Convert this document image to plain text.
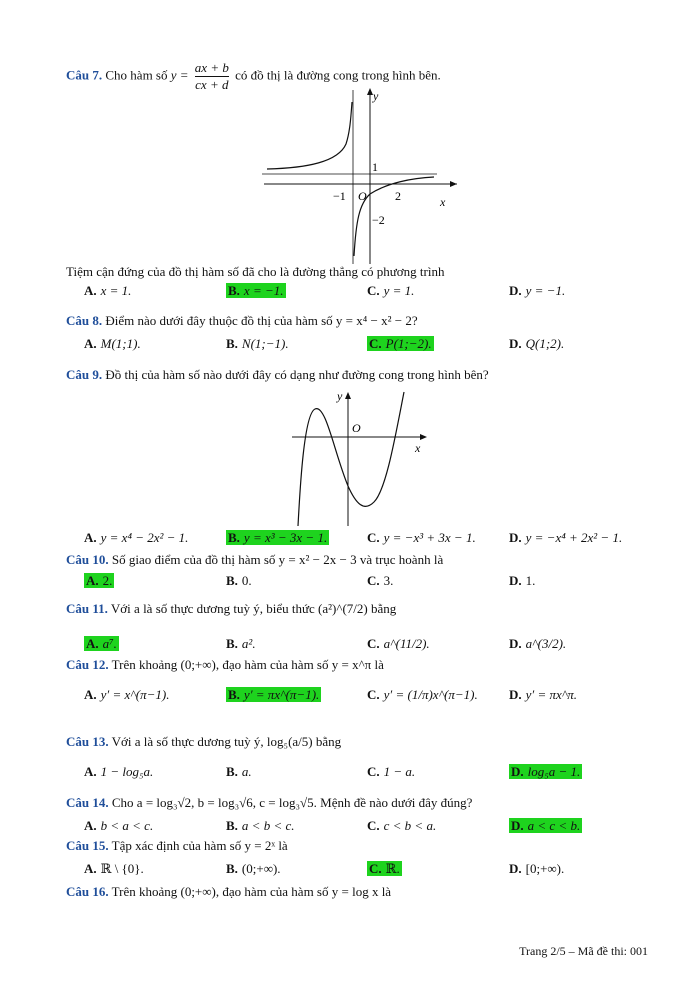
Câu 7. Cho hàm số $y = \frac{ax + b}{cx + d}$ có đồ thị là đường cong trong hình bên.
y
x
1
−1 O 2
−2
Tiệm cận đứng của đồ thị hàm số đã cho là đường thẳng có phương trình
A. x = 1.	B. x = −1.	C. y = 1.	D. y = −1.
Câu 8. Điểm nào dưới đây thuộc đồ thị của hàm số y = x⁴ − x² − 2?
A. M(1;1).	B. N(1;−1).	C. P(1;−2).	D. Q(1;2).
Câu 9. Đồ thị của hàm số nào dưới đây có dạng như đường cong trong hình bên?
y
x
O
A. y = x⁴ − 2x² − 1.	B. y = x³ − 3x − 1.	C. y = −x³ + 3x − 1.	D. y = −x⁴ + 2x² − 1.
Câu 10. Số giao điểm của đồ thị hàm số y = x² − 2x − 3 và trục hoành là
A. 2.	B. 0.	C. 3.	D. 1.
Câu 11. Với a là số thực dương tuỳ ý, biểu thức (a²)^(7/2) bằng
A. a⁷.	B. a².	C. a^(11/2).	D. a^(3/2).
Câu 12. Trên khoảng (0;+∞), đạo hàm của hàm số y = x^π là
A. y′ = x^(π−1).	B. y′ = πx^(π−1).	C. y′ = (1/π)x^(π−1). D. y′ = πx^π.
Câu 13. Với a là số thực dương tuỳ ý, log₅(a/5) bằng
A. 1 − log₅a.	B. a.	C. 1 − a.	D. log₅a − 1.
Câu 14. Cho a = log₃√2, b = log₃√6, c = log₃√5. Mệnh đề nào dưới đây đúng?
A. b < a < c.	B. a < b < c.	C. c < b < a.	D. a < c < b.
Câu 15. Tập xác định của hàm số y = 2ˣ là
A. ℝ \ {0}.	B. (0;+∞).	C. ℝ.	D. [0;+∞).
Câu 16. Trên khoảng (0;+∞), đạo hàm của hàm số y = log x là
Trang 2/5 – Mã đề thi: 001
